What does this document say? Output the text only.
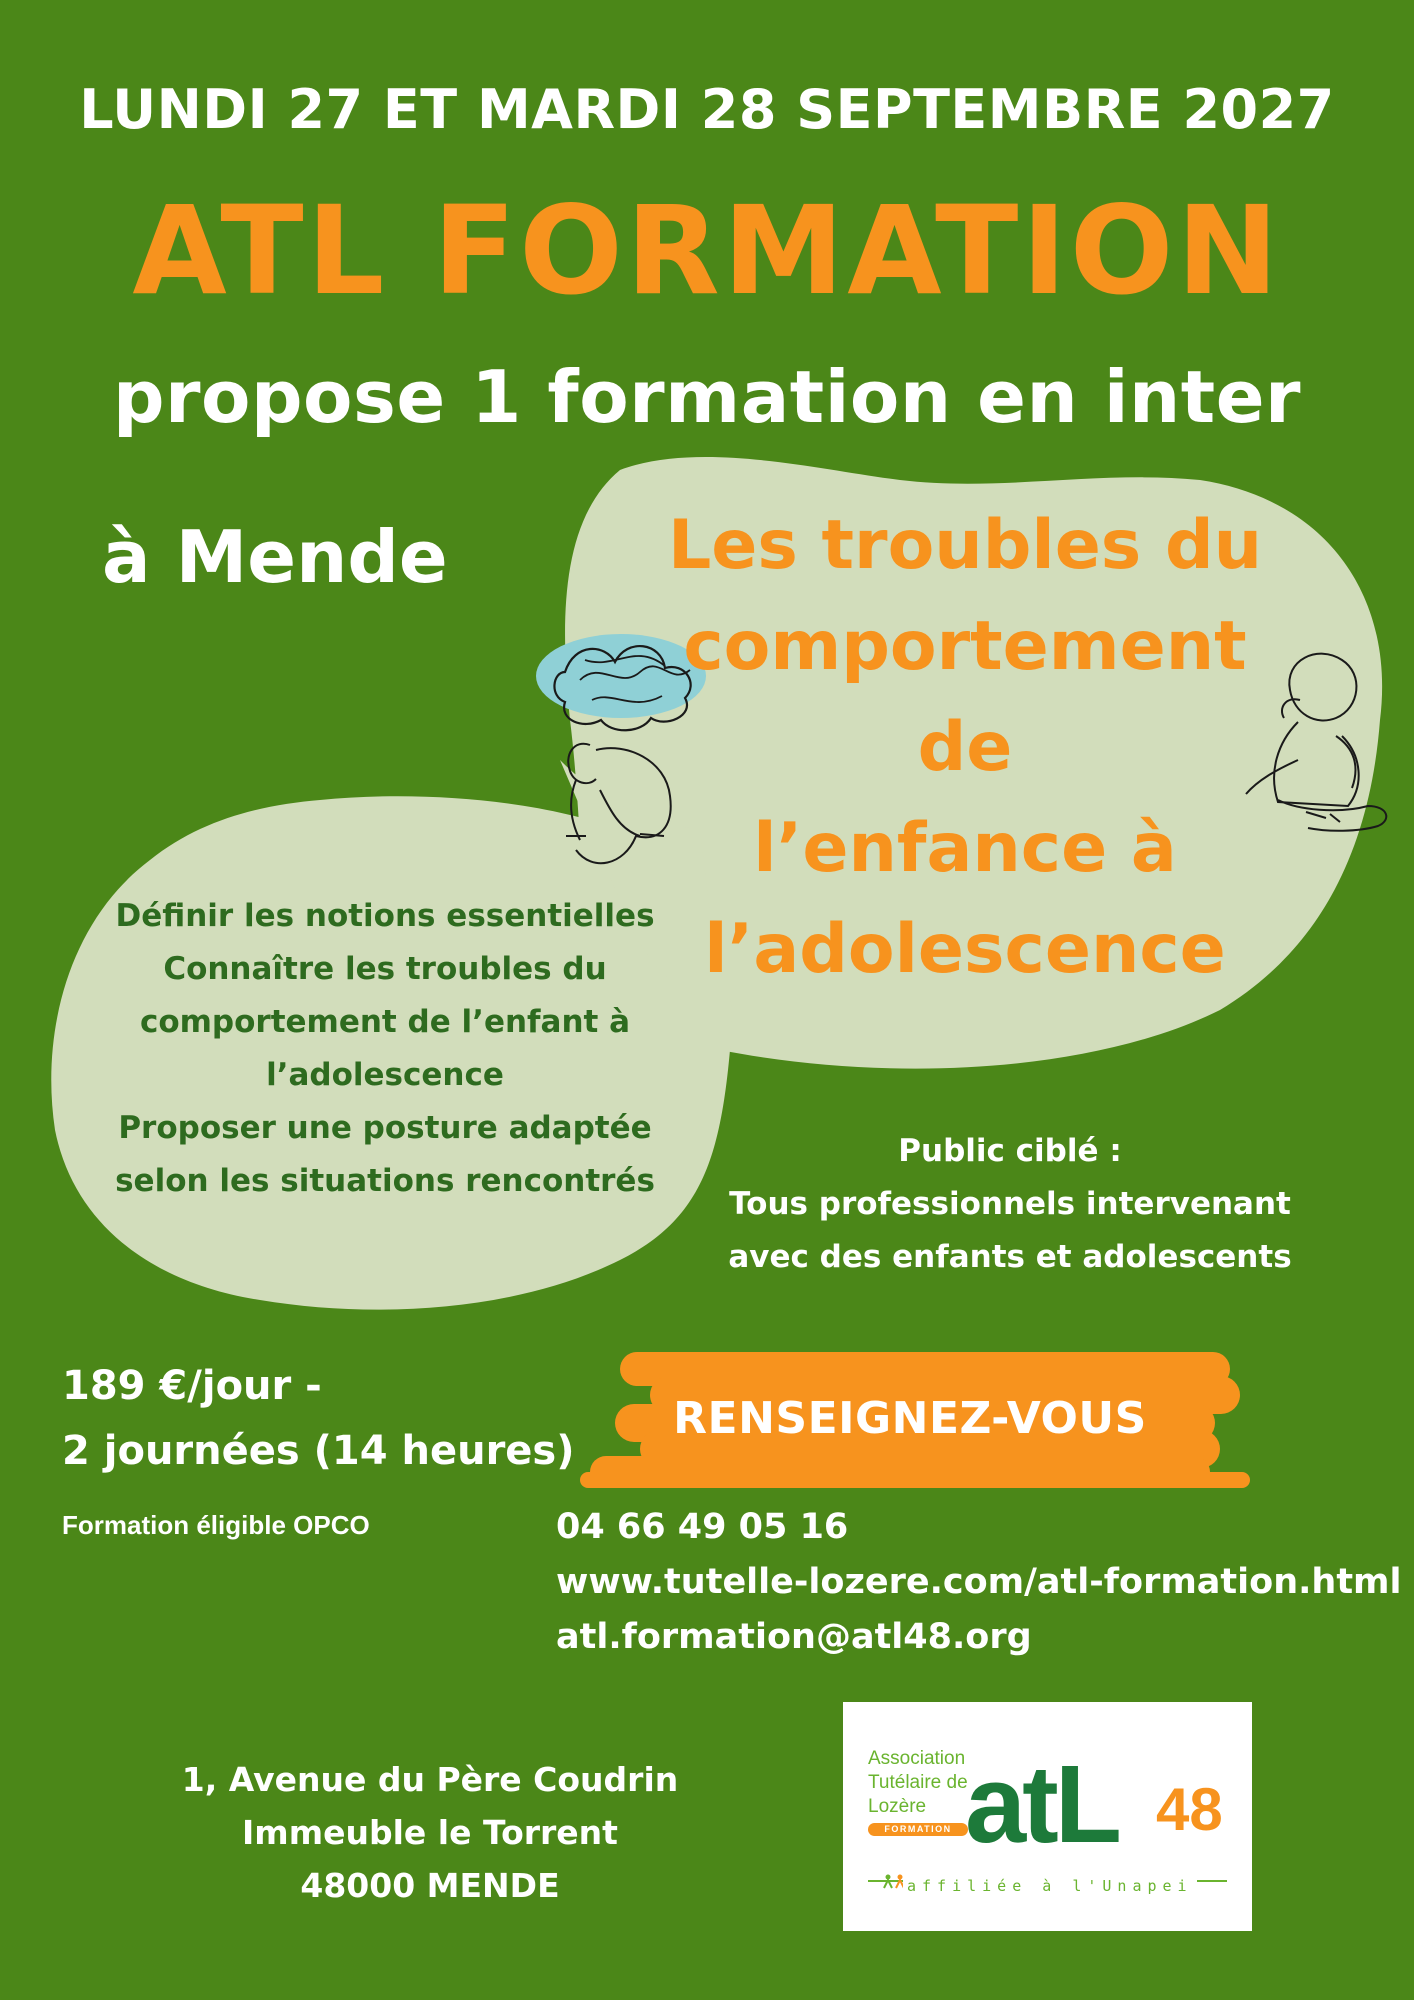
LUNDI 27 ET MARDI 28 SEPTEMBRE 2027
ATL FORMATION
propose 1 formation en inter
à Mende	Les troubles du
comportement
de
l’enfance à
l’adolescence
Définir les notions essentielles
Connaître les troubles du
comportement de l’enfant à
l’adolescence
Proposer une posture adaptée
selon les situations rencontrés
Public ciblé :
Tous professionnels intervenant
avec des enfants et adolescents
189 €/jour -
2 journées (14 heures)
Formation éligible OPCO
RENSEIGNEZ-VOUS
04 66 49 05 16
www.tutelle-lozere.com/atl-formation.html
atl.formation@atl48.org
1, Avenue du Père Coudrin
Immeuble le Torrent
48000 MENDE
Association
Tutélaire de
Lozère
FORMATION atL 48
affiliée à l'Unapei
